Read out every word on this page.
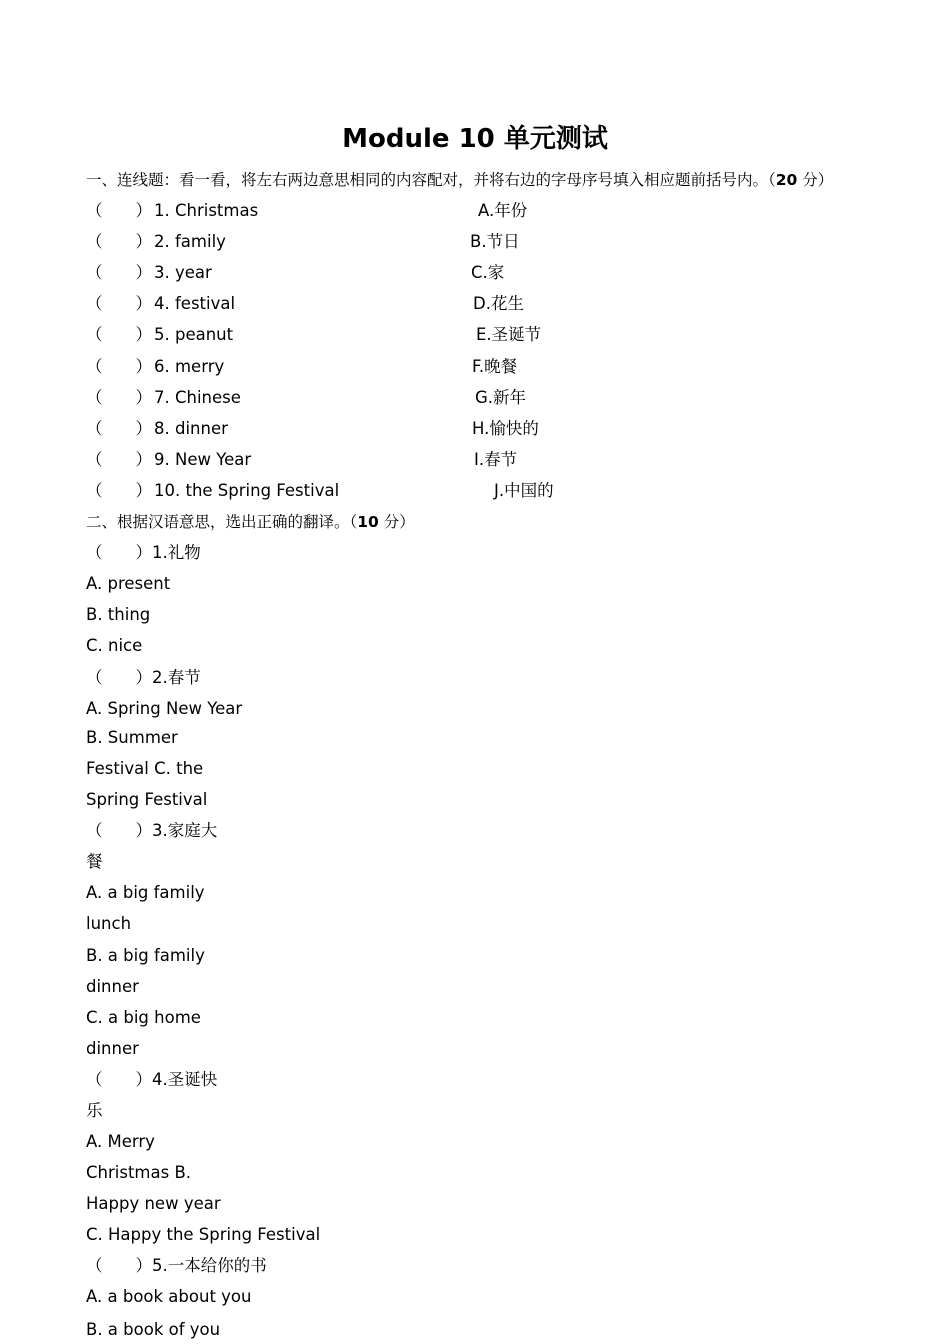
Module 10 单元测试
一、连线题：看一看，将左右两边意思相同的内容配对，并将右边的字母序号填入相应题前括号内。（20 分）
（　　） 1. Christmas	A.年份
（　　） 2. family	B.节日
（　　） 3. year	C.家
（　　） 4. festival	D.花生
（　　） 5. peanut	E.圣诞节
（　　） 6. merry	F.晚餐
（　　） 7. Chinese	G.新年
（　　） 8. dinner	H.愉快的
（　　） 9. New Year	I.春节
（　　） 10. the Spring Festival	J.中国的
二、根据汉语意思，选出正确的翻译。（10 分）
（　　）1.礼物
A. present
B. thing
C. nice
（　　）2.春节
A. Spring New Year
B. Summer
Festival C. the
Spring Festival
（　　）3.家庭大
餐
A. a big family
lunch
B. a big family
dinner
C. a big home
dinner
（　　）4.圣诞快
乐
A. Merry
Christmas B.
Happy new year
C. Happy the Spring Festival
（　　）5.一本给你的书
A. a book about you
B. a book of you
